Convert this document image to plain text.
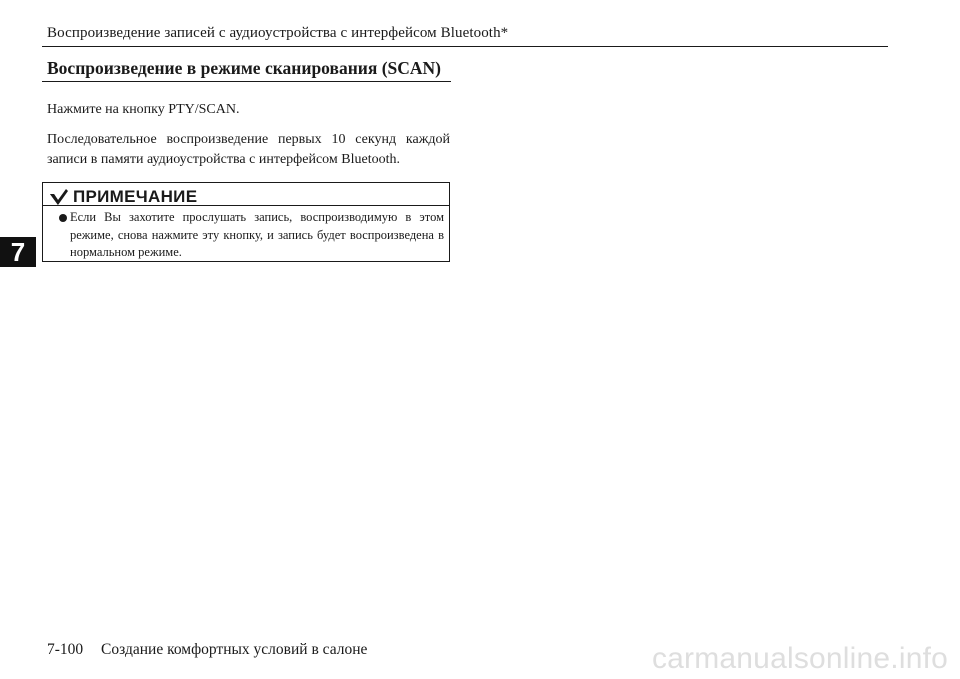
Воспроизведение записей с аудиоустройства с интерфейсом Bluetooth*
Воспроизведение в режиме сканирования (SCAN)
Нажмите на кнопку PTY/SCAN.
Последовательное воспроизведение первых 10 секунд каждой
записи в памяти аудиоустройства с интерфейсом Bluetooth.
ПРИМЕЧАНИЕ
Если Вы захотите прослушать запись, воспроизводимую в этом режиме, снова нажмите эту кнопку, и запись будет воспроизведена в нормальном режиме.
7
7-100 Создание комфортных условий в салоне	carmanualsonline.info
